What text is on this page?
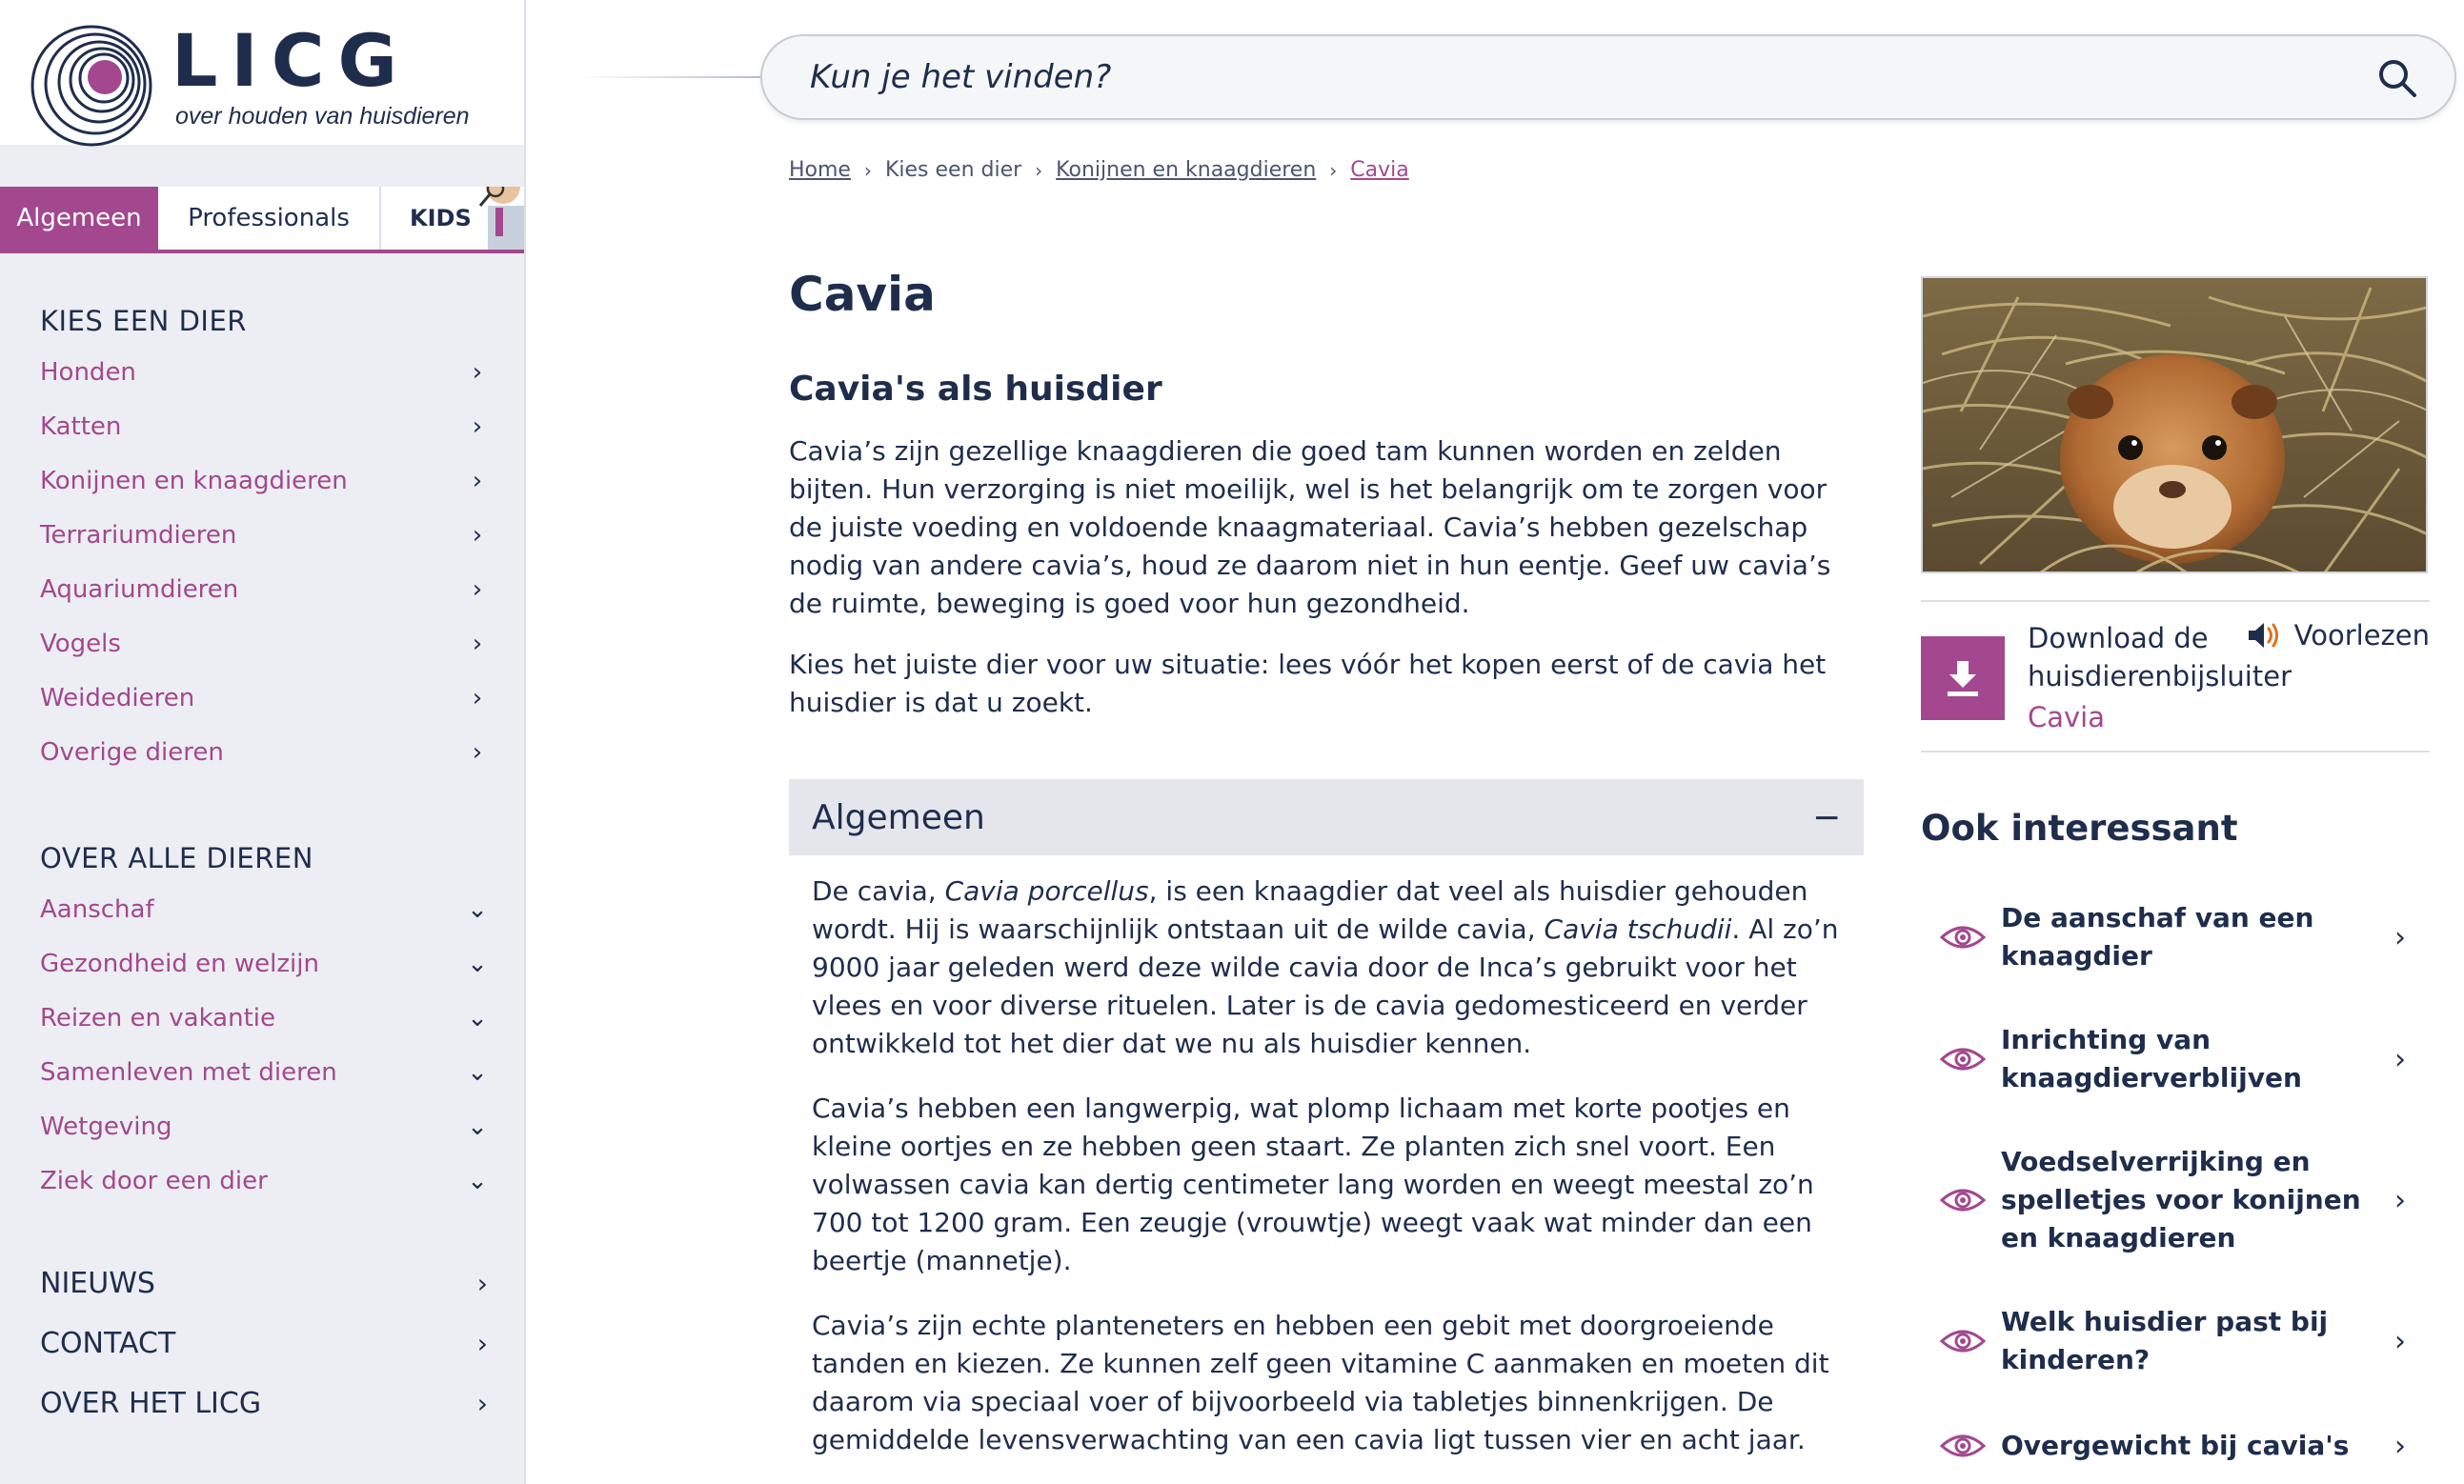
LICG
over houden van huisdieren
Algemeen	Professionals	KIDS
KIES EEN DIER
Honden	›
Katten	›
Konijnen en knaagdieren	›
Terrariumdieren	›
Aquariumdieren	›
Vogels	›
Weidedieren	›
Overige dieren	›
OVER ALLE DIEREN
Aanschaf	⌄
Gezondheid en welzijn	⌄
Reizen en vakantie	⌄
Samenleven met dieren	⌄
Wetgeving	⌄
Ziek door een dier	⌄
NIEUWS	›
CONTACT	›
OVER HET LICG	›
Kun je het vinden?
Home › Kies een dier › Konijnen en knaagdieren › Cavia
Cavia
Cavia's als huisdier

Cavia’s zijn gezellige knaagdieren die goed tam kunnen worden en zelden bijten. Hun verzorging is niet moeilijk, wel is het belangrijk om te zorgen voor de juiste voeding en voldoende knaagmateriaal. Cavia’s hebben gezelschap nodig van andere cavia’s, houd ze daarom niet in hun eentje. Geef uw cavia’s de ruimte, beweging is goed voor hun gezondheid.

Kies het juiste dier voor uw situatie: lees vóór het kopen eerst of de cavia het huisdier is dat u zoekt.

Algemeen	−

De cavia, Cavia porcellus, is een knaagdier dat veel als huisdier gehouden wordt. Hij is waarschijnlijk ontstaan uit de wilde cavia, Cavia tschudii. Al zo’n 9000 jaar geleden werd deze wilde cavia door de Inca’s gebruikt voor het vlees en voor diverse rituelen. Later is de cavia gedomesticeerd en verder ontwikkeld tot het dier dat we nu als huisdier kennen.

Cavia’s hebben een langwerpig, wat plomp lichaam met korte pootjes en kleine oortjes en ze hebben geen staart. Ze planten zich snel voort. Een volwassen cavia kan dertig centimeter lang worden en weegt meestal zo’n 700 tot 1200 gram. Een zeugje (vrouwtje) weegt vaak wat minder dan een beertje (mannetje).

Cavia’s zijn echte planteneters en hebben een gebit met doorgroeiende tanden en kiezen. Ze kunnen zelf geen vitamine C aanmaken en moeten dit daarom via speciaal voer of bijvoorbeeld via tabletjes binnenkrijgen. De gemiddelde levensverwachting van een cavia ligt tussen vier en acht jaar.

Download de huisdierenbijsluiter
Cavia
Voorlezen
Ook interessant
De aanschaf van een knaagdier
›
Inrichting van knaagdierverblijven
›
Voedselverrijking en spelletjes voor konijnen en knaagdieren
›
Welk huisdier past bij kinderen?
›
Overgewicht bij cavia's	›
